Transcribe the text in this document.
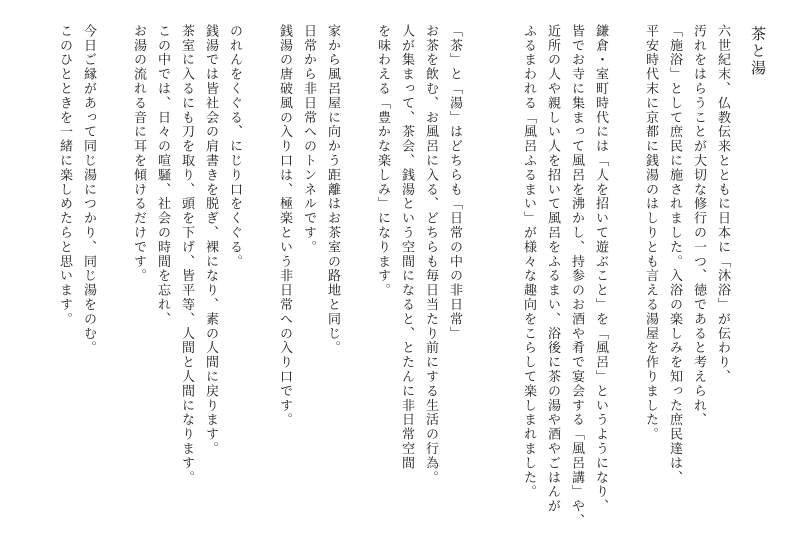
茶と湯
六世紀末、仏教伝来とともに日本に「沐浴」が伝わり、
汚れをはらうことが大切な修行の一つ、徳であると考えられ、
「施浴」として庶民に施されました。入浴の楽しみを知った庶民達は、
平安時代末に京都に銭湯のはしりとも言える湯屋を作りました。
鎌倉・室町時代には「人を招いて遊ぶこと」を「風呂」というようになり、
皆でお寺に集まって風呂を沸かし、持参のお酒や肴で宴会する「風呂講」や、
近所の人や親しい人を招いて風呂をふるまい、浴後に茶の湯や酒やごはんが
ふるまわれる「風呂ふるまい」が様々な趣向をこらして楽しまれました。
「茶」と「湯」はどちらも「日常の中の非日常」
お茶を飲む、お風呂に入る、どちらも毎日当たり前にする生活の行為。
人が集まって、茶会、銭湯という空間になると、とたんに非日常空間
を味わえる「豊かな楽しみ」になります。
家から風呂屋に向かう距離はお茶室の路地と同じ。
日常から非日常へのトンネルです。
銭湯の唐破風の入り口は、極楽という非日常への入り口です。
のれんをくぐる、にじり口をくぐる。
銭湯では皆社会の肩書きを脱ぎ、裸になり、素の人間に戻ります。
茶室に入るにも刀を取り、頭を下げ、皆平等、人間と人間になります。
この中では、日々の喧騒、社会の時間を忘れ、
お湯の流れる音に耳を傾けるだけです。
今日ご縁があって同じ湯につかり、同じ湯をのむ。
このひとときを一緒に楽しめたらと思います。
